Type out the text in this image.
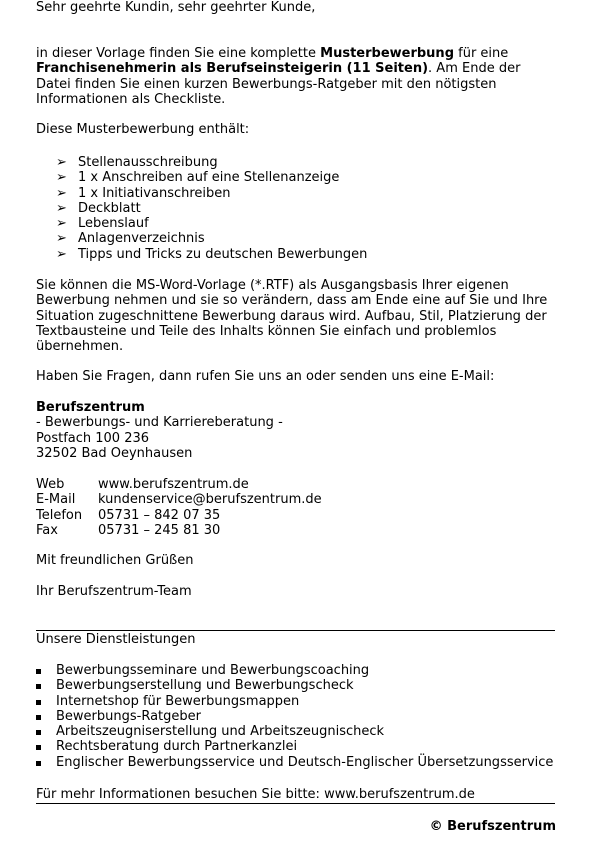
Sehr geehrte Kundin, sehr geehrter Kunde,

in dieser Vorlage finden Sie eine komplette Musterbewerbung für eine Franchisenehmerin als Berufseinsteigerin (11 Seiten). Am Ende der Datei finden Sie einen kurzen Bewerbungs-Ratgeber mit den nötigsten Informationen als Checkliste.

Diese Musterbewerbung enthält:

➢ Stellenausschreibung
➢ 1 x Anschreiben auf eine Stellenanzeige
➢ 1 x Initiativanschreiben
➢ Deckblatt
➢ Lebenslauf
➢ Anlagenverzeichnis
➢ Tipps und Tricks zu deutschen Bewerbungen

Sie können die MS-Word-Vorlage (*.RTF) als Ausgangsbasis Ihrer eigenen Bewerbung nehmen und sie so verändern, dass am Ende eine auf Sie und Ihre Situation zugeschnittene Bewerbung daraus wird. Aufbau, Stil, Platzierung der Textbausteine und Teile des Inhalts können Sie einfach und problemlos übernehmen.

Haben Sie Fragen, dann rufen Sie uns an oder senden uns eine E-Mail:

Berufszentrum
- Bewerbungs- und Karriereberatung -
Postfach 100 236
32502 Bad Oeynhausen
Web	www.berufszentrum.de
E-Mail	kundenservice@berufszentrum.de
Telefon	05731 – 842 07 35
Fax	05731 – 245 81 30

Mit freundlichen Grüßen

Ihr Berufszentrum-Team

Unsere Dienstleistungen

Bewerbungsseminare und Bewerbungscoaching
Bewerbungserstellung und Bewerbungscheck
Internetshop für Bewerbungsmappen
Bewerbungs-Ratgeber
Arbeitszeugniserstellung und Arbeitszeugnischeck
Rechtsberatung durch Partnerkanzlei
Englischer Bewerbungsservice und Deutsch-Englischer Übersetzungsservice

Für mehr Informationen besuchen Sie bitte: www.berufszentrum.de

© Berufszentrum
